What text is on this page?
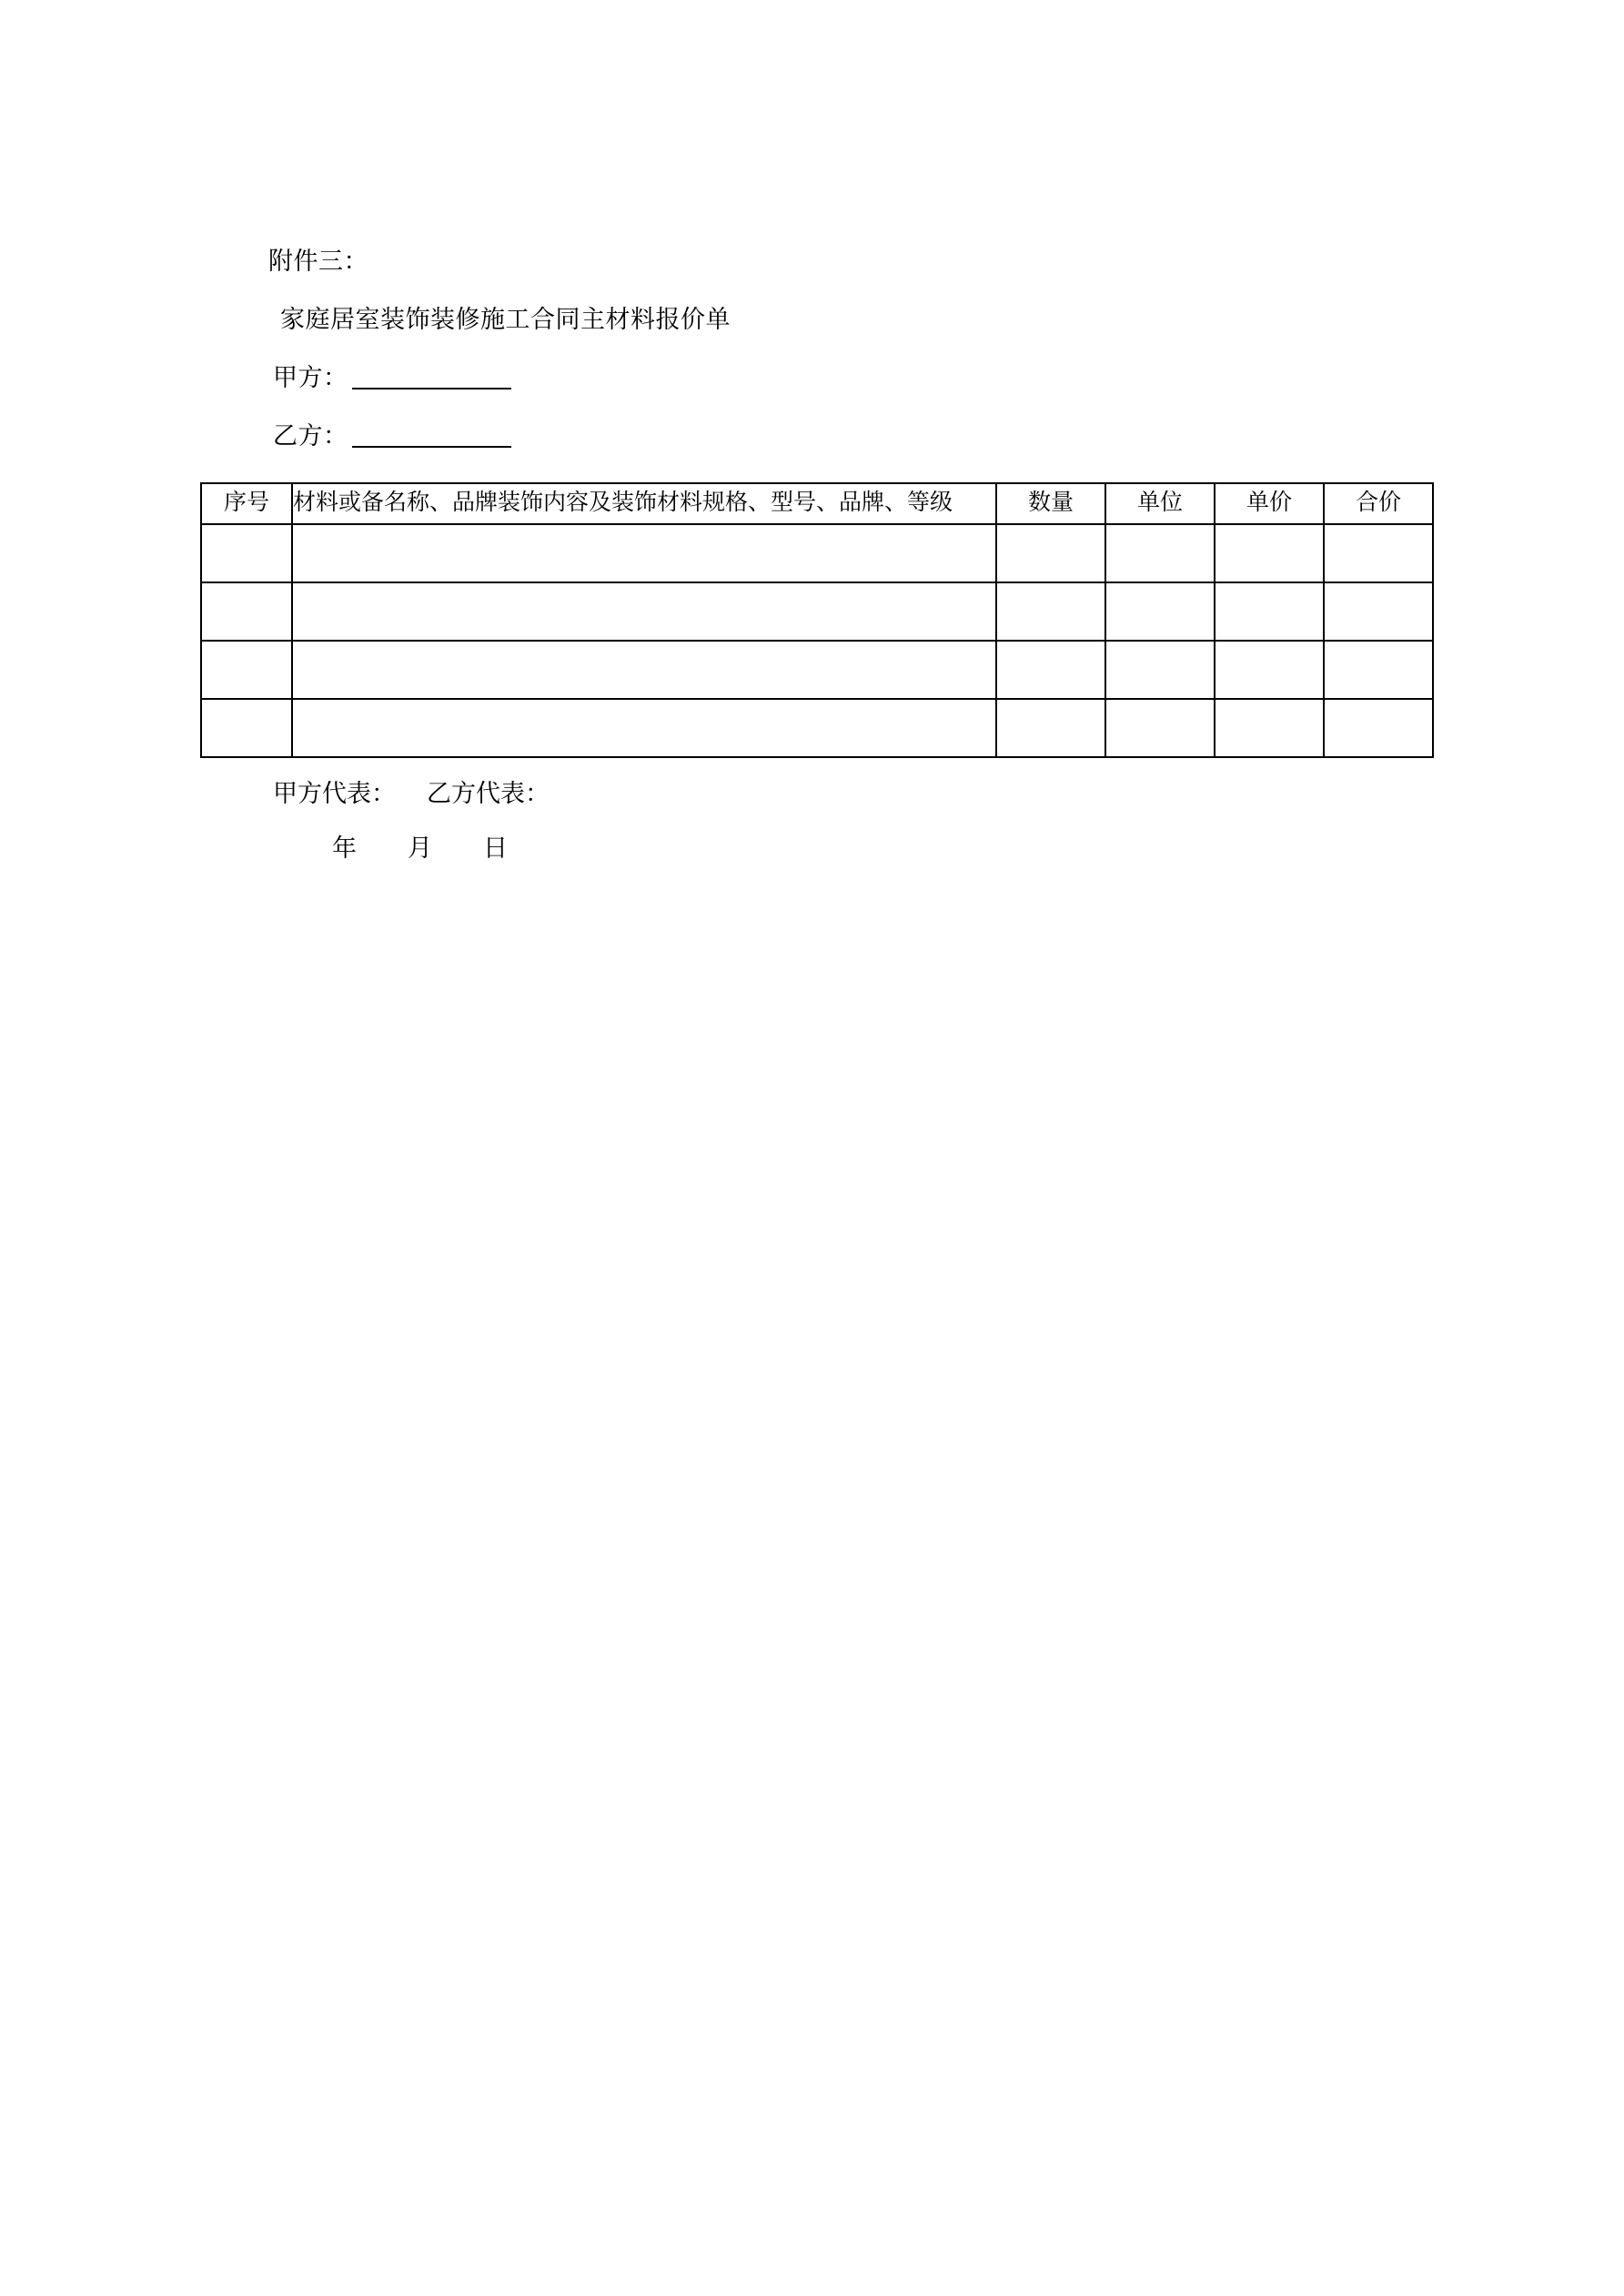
附件三：
家庭居室装饰装修施工合同主材料报价单
甲方：
乙方：
序号	材料或备名称、品牌装饰内容及装饰材料规格、型号、品牌、等级	数量	单位	单价	合价

甲方代表： 乙方代表：
年 月 日
